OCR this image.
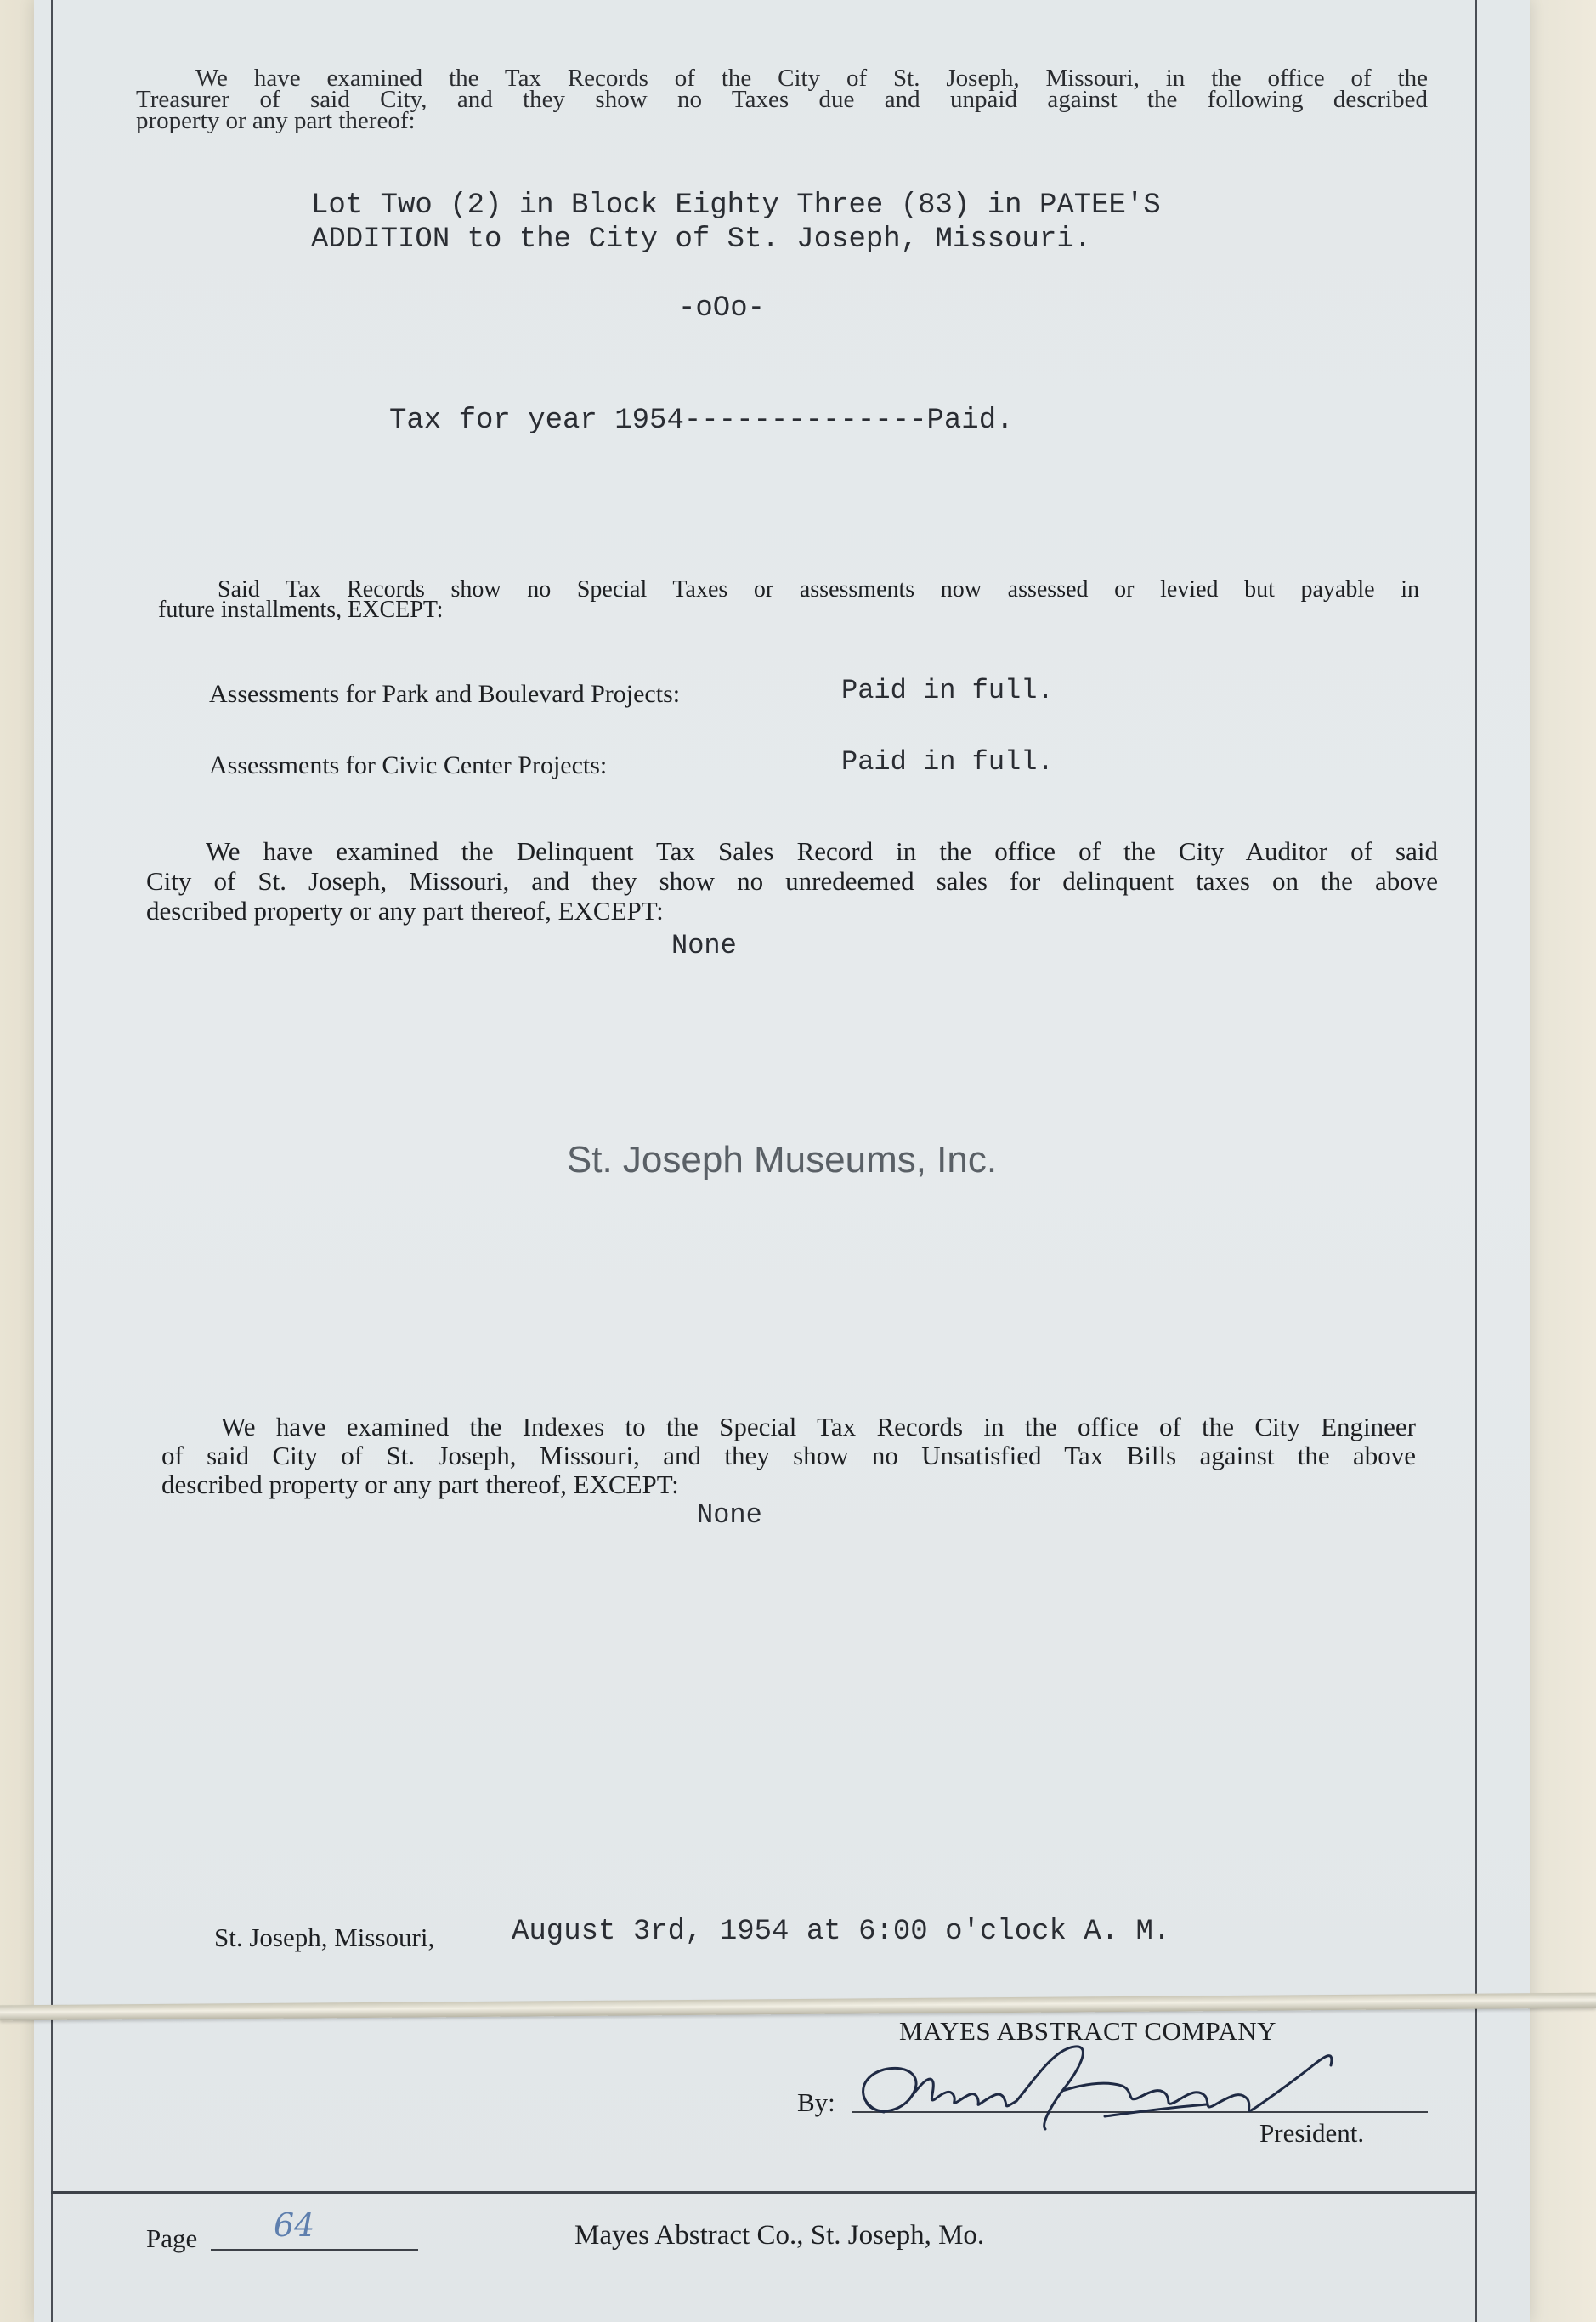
We have examined the Tax Records of the City of St. Joseph, Missouri, in the office of the
Treasurer of said City, and they show no Taxes due and unpaid against the following described
property or any part thereof:
Lot Two (2) in Block Eighty Three (83) in PATEE'S
ADDITION to the City of St. Joseph, Missouri.
-oOo-
Tax for year 1954--------------Paid.
Said Tax Records show no Special Taxes or assessments now assessed or levied but payable in
future installments, EXCEPT:
Assessments for Park and Boulevard Projects:	Paid in full.
Assessments for Civic Center Projects:	Paid in full.
We have examined the Delinquent Tax Sales Record in the office of the City Auditor of said
City of St. Joseph, Missouri, and they show no unredeemed sales for delinquent taxes on the above
described property or any part thereof, EXCEPT:
None
St. Joseph Museums, Inc.
We have examined the Indexes to the Special Tax Records in the office of the City Engineer
of said City of St. Joseph, Missouri, and they show no Unsatisfied Tax Bills against the above
described property or any part thereof, EXCEPT:
None
St. Joseph, Missouri,	August 3rd, 1954 at 6:00 o'clock A. M.
MAYES ABSTRACT COMPANY
By:
President.
Page 64	Mayes Abstract Co., St. Joseph, Mo.
